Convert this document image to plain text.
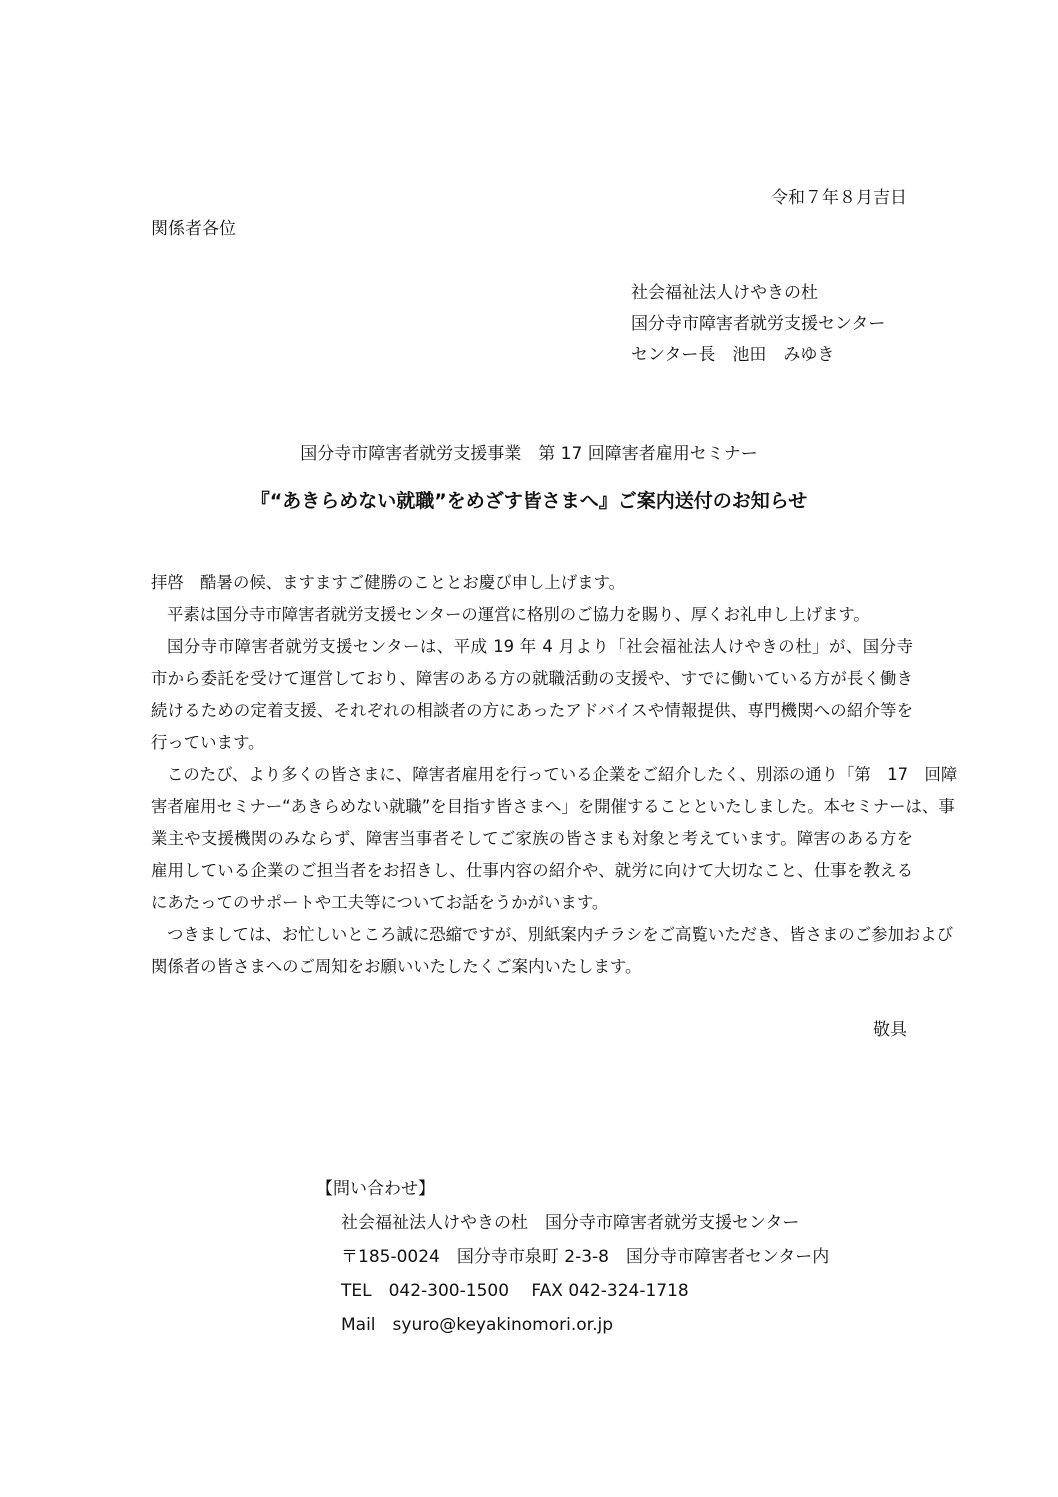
令和７年８月吉日
関係者各位
社会福祉法人けやきの杜
国分寺市障害者就労支援センター
センター長　池田　みゆき
国分寺市障害者就労支援事業　第 17 回障害者雇用セミナー
『“あきらめない就職”をめざす皆さまへ』ご案内送付のお知らせ
拝啓　酷暑の候、ますますご健勝のこととお慶び申し上げます。
平素は国分寺市障害者就労支援センターの運営に格別のご協力を賜り、厚くお礼申し上げます。
国分寺市障害者就労支援センターは、平成 19 年 4 月より「社会福祉法人けやきの杜」が、国分寺
市から委託を受けて運営しており、障害のある方の就職活動の支援や、すでに働いている方が長く働き
続けるための定着支援、それぞれの相談者の方にあったアドバイスや情報提供、専門機関への紹介等を
行っています。
このたび、より多くの皆さまに、障害者雇用を行っている企業をご紹介したく、別添の通り「第　17　回障
害者雇用セミナー“あきらめない就職”を目指す皆さまへ」を開催することといたしました。本セミナーは、事
業主や支援機関のみならず、障害当事者そしてご家族の皆さまも対象と考えています。障害のある方を
雇用している企業のご担当者をお招きし、仕事内容の紹介や、就労に向けて大切なこと、仕事を教える
にあたってのサポートや工夫等についてお話をうかがいます。
つきましては、お忙しいところ誠に恐縮ですが、別紙案内チラシをご高覧いただき、皆さまのご参加および
関係者の皆さまへのご周知をお願いいたしたくご案内いたします。
敬具
【問い合わせ】
社会福祉法人けやきの杜　国分寺市障害者就労支援センター
〒185-0024　国分寺市泉町 2-3-8　国分寺市障害者センター内
TEL　042-300-1500　 FAX 042-324-1718
Mail　syuro@keyakinomori.or.jp
